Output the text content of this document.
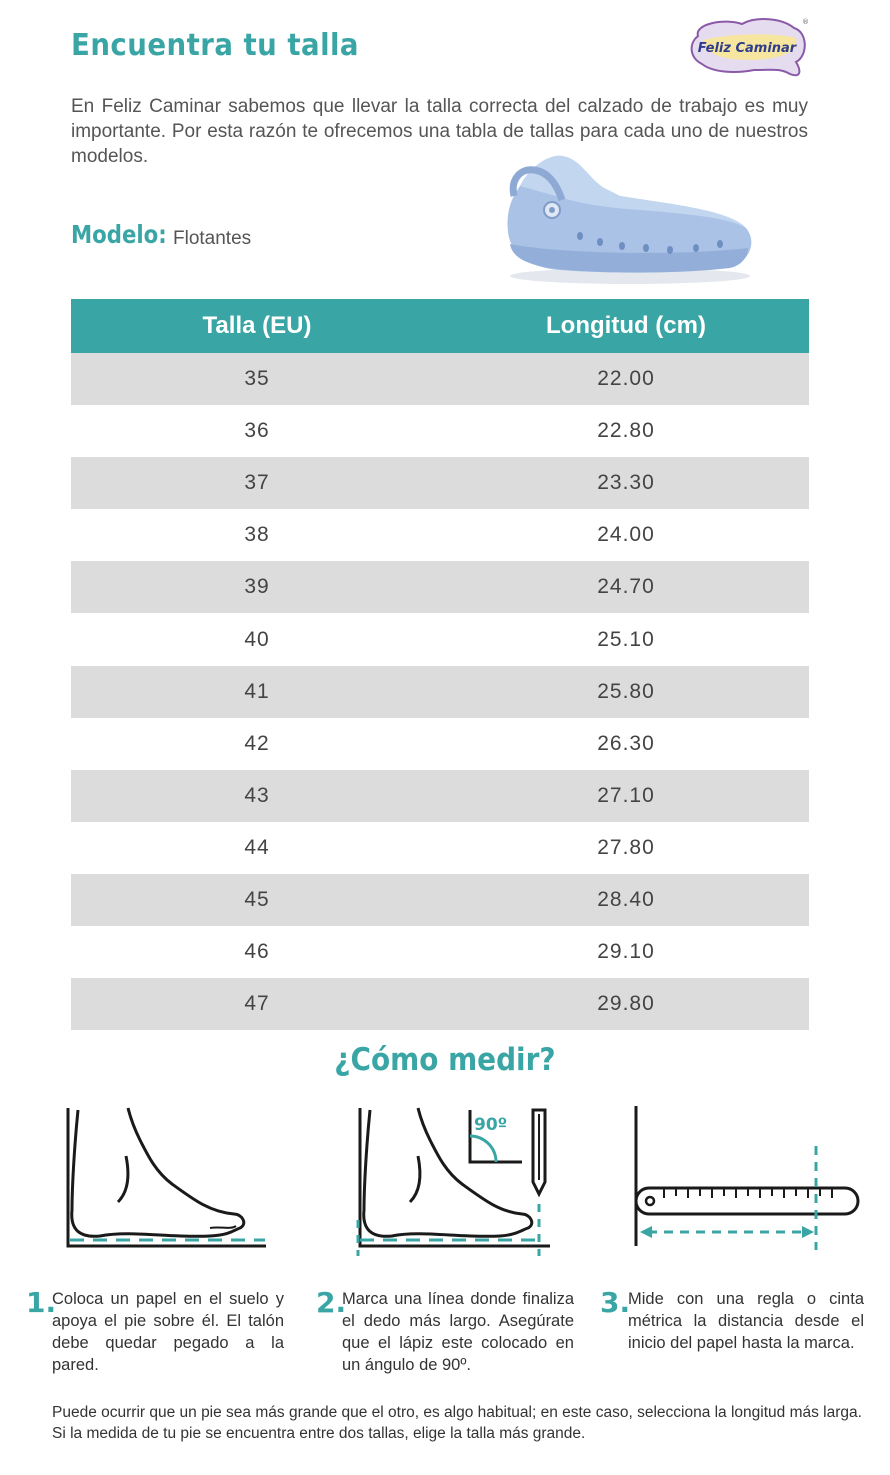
Encuentra tu talla	Feliz Caminar
®
En Feliz Caminar sabemos que llevar la talla correcta del calzado de trabajo es muy importante. Por esta razón te ofrecemos una tabla de tallas para cada uno de nuestros modelos.
Modelo: Flotantes
Talla (EU)	Longitud (cm)
35	22.00
36	22.80
37	23.30
38	24.00
39	24.70
40	25.10
41	25.80
42	26.30
43	27.10
44	27.80
45	28.40
46	29.10
47	29.80
¿Cómo medir?
90º
1.
Coloca un papel en el suelo y apoya el pie sobre él. El talón debe quedar pegado a la pared.
2.
Marca una línea donde finaliza el dedo más largo. Asegúrate que el lápiz este colocado en un ángulo de 90º.
3.
Mide con una regla o cinta métrica la distancia desde el inicio del papel hasta la marca.
Puede ocurrir que un pie sea más grande que el otro, es algo habitual; en este caso, selecciona la longitud más larga. Si la medida de tu pie se encuentra entre dos tallas, elige la talla más grande.
